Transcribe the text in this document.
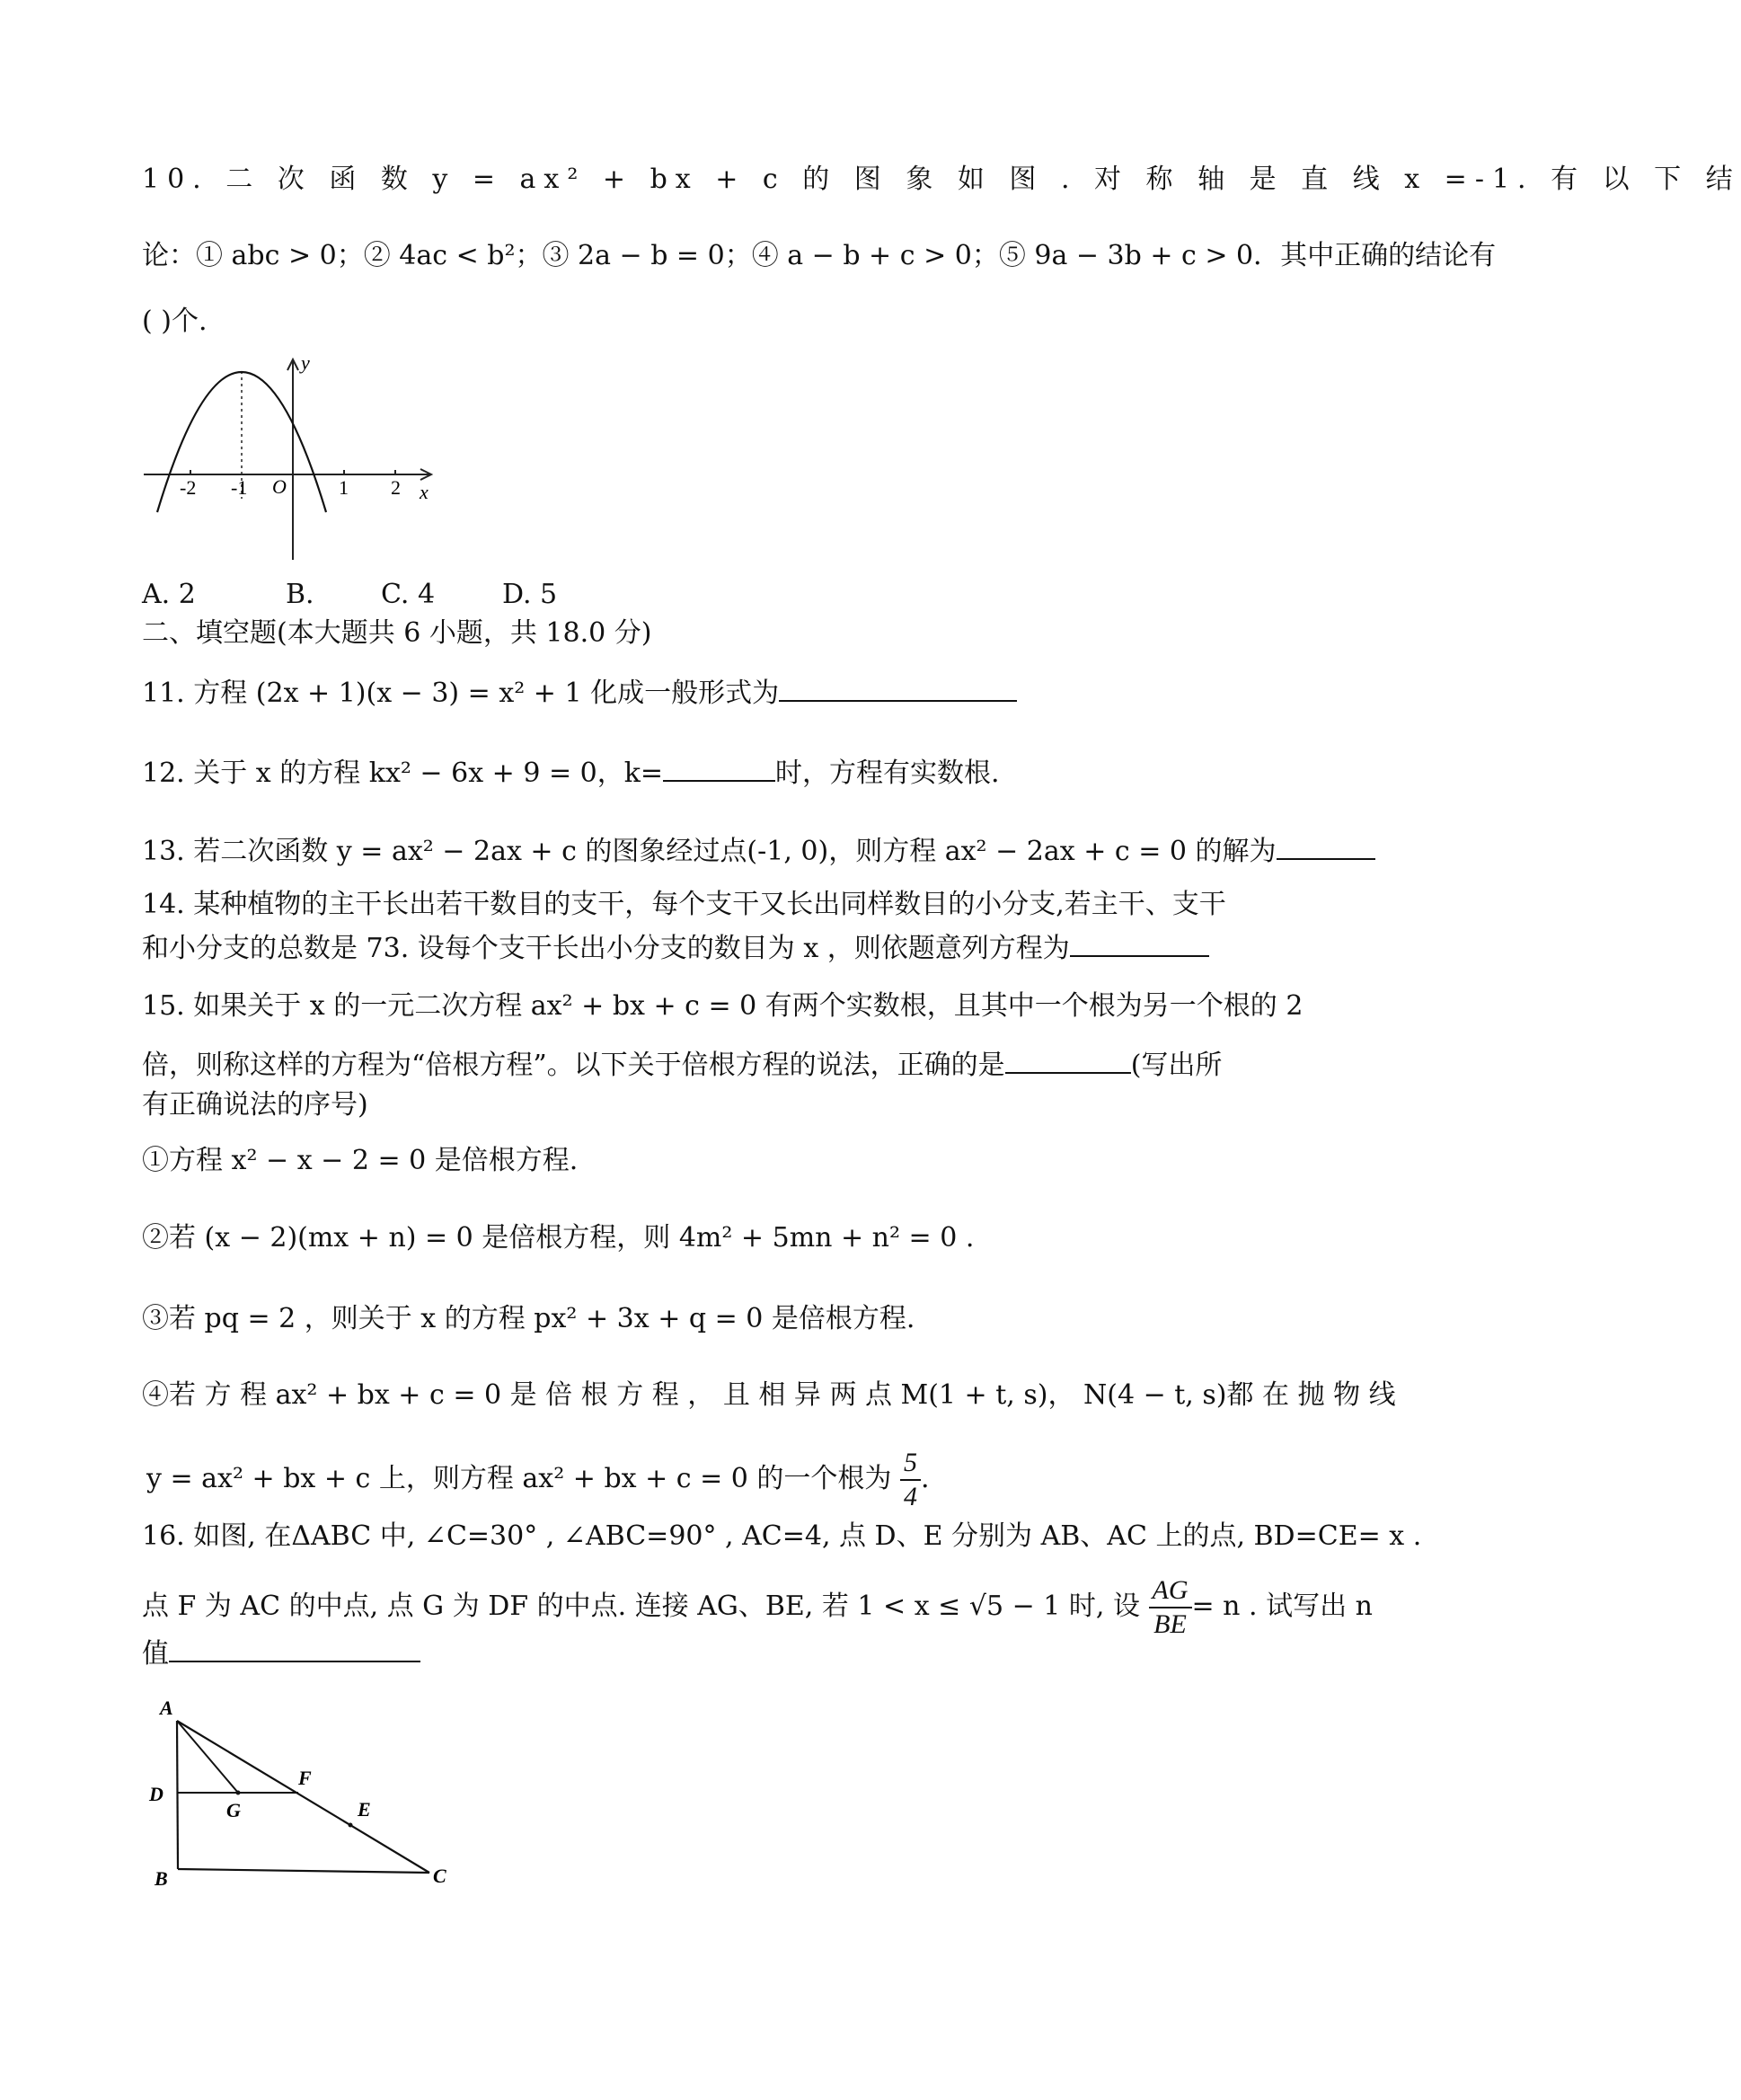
10. 二 次 函 数 y = ax² + bx + c 的 图 象 如 图 . 对 称 轴 是 直 线 x =-1. 有 以 下 结
论：① abc > 0；② 4ac < b²；③ 2a − b = 0；④ a − b + c > 0；⑤ 9a − 3b + c > 0．其中正确的结论有
( )个.
y
x
O
-2 -1	1 2
A. 2	B. C. 4 D. 5
二、填空题(本大题共 6 小题，共 18.0 分)
11. 方程 (2x + 1)(x − 3) = x² + 1 化成一般形式为
12. 关于 x 的方程 kx² − 6x + 9 = 0，k=	时，方程有实数根.
13. 若二次函数 y = ax² − 2ax + c 的图象经过点(-1, 0)，则方程 ax² − 2ax + c = 0 的解为
14. 某种植物的主干长出若干数目的支干，每个支干又长出同样数目的小分支,若主干、支干
和小分支的总数是 73. 设每个支干长出小分支的数目为 x ，则依题意列方程为
15. 如果关于 x 的一元二次方程 ax² + bx + c = 0 有两个实数根，且其中一个根为另一个根的 2
倍，则称这样的方程为“倍根方程”。以下关于倍根方程的说法，正确的是	(写出所
有正确说法的序号)
①方程 x² − x − 2 = 0 是倍根方程.
②若 (x − 2)(mx + n) = 0 是倍根方程，则 4m² + 5mn + n² = 0 .
③若 pq = 2 ，则关于 x 的方程 px² + 3x + q = 0 是倍根方程.
④若 方 程 ax² + bx + c = 0 是 倍 根 方 程 ， 且 相 异 两 点 M(1 + t, s)， N(4 − t, s)都 在 抛 物 线
y = ax² + bx + c 上，则方程 ax² + bx + c = 0 的一个根为 $\frac{5}{4}$ .
16. 如图, 在ΔABC 中, ∠C=30° , ∠ABC=90° , AC=4, 点 D、E 分别为 AB、AC 上的点, BD=CE= x .
点 F 为 AC 的中点, 点 G 为 DF 的中点. 连接 AG、BE, 若 1 < x ≤ √5 − 1 时, 设 $\frac{AG}{BE} = n$ . 试写出 n
值
A
D
B	C
F
E
G
